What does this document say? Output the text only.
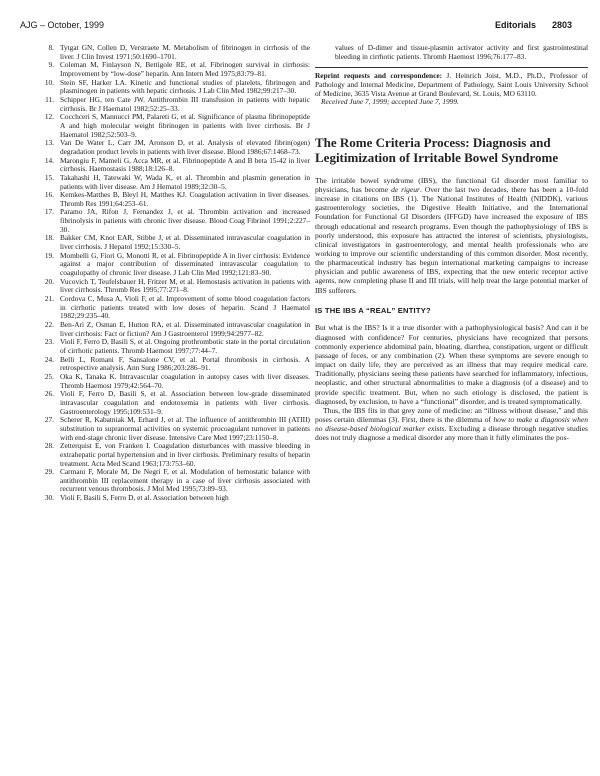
AJG – October, 1999	Editorials 2803

8. Tytgat GN, Collen D, Verstraete M. Metabolism of fibrinogen in cirrhosis of the liver. J Clin Invest 1971;50:1690–1701.

9. Coleman M, Finlayson N, Bettigole RE, et al. Fibrinogen survival in cirrhosis: Improvement by “low-dose” heparin. Ann Intern Med 1975;83:79–81.

10. Stein SF, Harker LA. Kinetic and functional studies of platelets, fibrinogen and plasminogen in patients with hepatic cirrhosis. J Lab Clin Med 1982;99:217–30.

11. Schipper HG, ten Cate JW. Antithrombin III transfusion in patients with hepatic cirrhosis. Br J Haematol 1982;52:25–33.

12. Cocchceri S, Mannucci PM, Palareti G, et al. Significance of plasma fibrinopeptide A and high molecular weight fibrinogen in patients with liver cirrhosis. Br J Haematol 1982;52:503–9.

13. Van De Water L, Carr JM, Aronson D, et al. Analysis of elevated fibrin(ogen) degradation product levels in patients with liver disease. Blood 1986;67:1468–73.

14. Marongiu F, Mameli G, Acca MR, et al. Fibrinopeptide A and B beta 15-42 in liver cirrhosis. Haemostasis 1988;18:126–8.

15. Takahashi H, Tatewaki W, Wada K, et al. Thrombin and plasmin generation in patients with liver disease. Am J Hematol 1989;32:30–5.

16. Kemkes-Matthes B, Bleyl H, Matthes KJ. Coagulation activation in liver diseases. Thromb Res 1991;64:253–61.

17. Paramo JA, Rifon J, Fernandez J, et al. Thrombin activation and increased fibrinolysis in patients with chronic liver disease. Blood Coag Fibrinol 1991;2:227–30.

18. Bakker CM, Knot EAR, Stibbe J, et al. Disseminated intravascular coagulation in liver cirrhosis. J Hepatol 1992;15:330–5.

19. Mombelli G, Fiori G, Monotti R, et al. Fibrinopeptide A in liver cirrhosis: Evidence against a major contribution of disseminated intravascular coagulation to coagulopathy of chronic liver disease. J Lab Clin Med 1992;121:83–90.

20. Vucovich T, Teufelsbauer H, Fritzer M, et al. Hemostasis activation in patients with liver cirrhosis. Thromb Res 1995;77:271–8.

21. Cordova C, Musa A, Violi F, et al. Improvement of some blood coagulation factors in cirrhotic patients treated with low doses of heparin. Scand J Haematol 1982;29:235–40.

22. Ben-Ari Z, Osman E, Hutton RA, et al. Disseminated intravascular coagulation in liver cirrhosis: Fact or fiction? Am J Gastroenterol 1999;94:2977–82.

23. Violi F, Ferro D, Basili S, et al. Ongoing prothrombotic state in the portal circulation of cirrhotic patients. Thromb Haemost 1997;77:44–7.

24. Belli L, Romani F, Sansalone CV, et al. Portal thrombosis in cirrhosis. A retrospective analysis. Ann Surg 1986;203:286–91.

25. Oka K, Tanaka K. Intravascular coagulation in autopsy cases with liver diseases. Thromb Haemost 1979;42:564–70.

26. Violi F, Ferro D, Basili S, et al. Association between low-grade disseminated intravascular coagulation and endotoxemia in patients with liver cirrhosis. Gastroenterology 1995;109:531–9.

27. Scherer R, Kabatniak M, Erhard J, et al. The influence of antithrombin III (ATIII) substitution to supranormal activities on systemic procoagulant turnover in patients with end-stage chronic liver disease. Intensive Care Med 1997;23:1150–8.

28. Zetterquist E, von Franken I. Coagulation disturbances with massive bleeding in extrahepatic portal hypertension and in liver cirrhosis. Preliminary results of heparin treatment. Acta Med Scand 1963;173:753–60.

29. Carmani F, Morale M, De Negri F, et al. Modulation of hemostatic balance with antithrombin III replacement therapy in a case of liver cirrhosis associated with recurrent venous thrombosis. J Mol Med 1995;73:89–93.

30. Violi F, Basili S, Ferro D, et al. Association between high

values of D-dimer and tissue-plasmin activator activity and first gastrointestinal bleeding in cirrhotic patients. Thromb Haemost 1996;76:177–83.

Reprint requests and correspondence: J. Heinrich Joist, M.D., Ph.D., Professor of Pathology and Internal Medicine, Department of Pathology, Saint Louis University School of Medicine, 3635 Vista Avenue at Grand Boulevard, St. Louis, MO 63110.

Received June 7, 1999; accepted June 7, 1999.

The Rome Criteria Process: Diagnosis and Legitimization of Irritable Bowel Syndrome

The irritable bowel syndrome (IBS), the functional GI disorder most familiar to physicians, has become de rigeur. Over the last two decades, there has been a 10-fold increase in citations on IBS (1). The National Institutes of Health (NIDDK), various gastroenterology societies, the Digestive Health Initiative, and the International Foundation for Functional GI Disorders (IFFGD) have increased the exposure of IBS through educational and research programs. Even though the pathophysiology of IBS is poorly understood, this exposure has attracted the interest of scientists, physiologists, clinical investigators in gastroenterology, and mental health professionals who are working to improve our scientific understanding of this common disorder. Most recently, the pharmaceutical industry has begun international marketing campaigns to increase physician and public awareness of IBS, expecting that the new enteric receptor active agents, now completing phase II and III trials, will help treat the large potential market of IBS sufferers.

IS THE IBS A “REAL” ENTITY?

But what is the IBS? Is it a true disorder with a pathophysiological basis? And can it be diagnosed with confidence? For centuries, physicians have recognized that persons commonly experience abdominal pain, bloating, diarrhea, constipation, urgent or difficult passage of feces, or any combination (2). When these symptoms are severe enough to impact on daily life, they are perceived as an illness that may require medical care. Traditionally, physicians seeing these patients have searched for inflammatory, infectious, neoplastic, and other structural abnormalities to make a diagnosis (of a disease) and to provide specific treatment. But, when no such etiology is disclosed, the patient is diagnosed, by exclusion, to have a “functional” disorder, and is treated symptomatically.

Thus, the IBS fits in that grey zone of medicine: an “illness without disease,” and this poses certain dilemmas (3). First, there is the dilemma of how to make a diagnosis when no disease-based biological marker exists. Excluding a disease through negative studies does not truly diagnose a medical disorder any more than it fully eliminates the pos-
